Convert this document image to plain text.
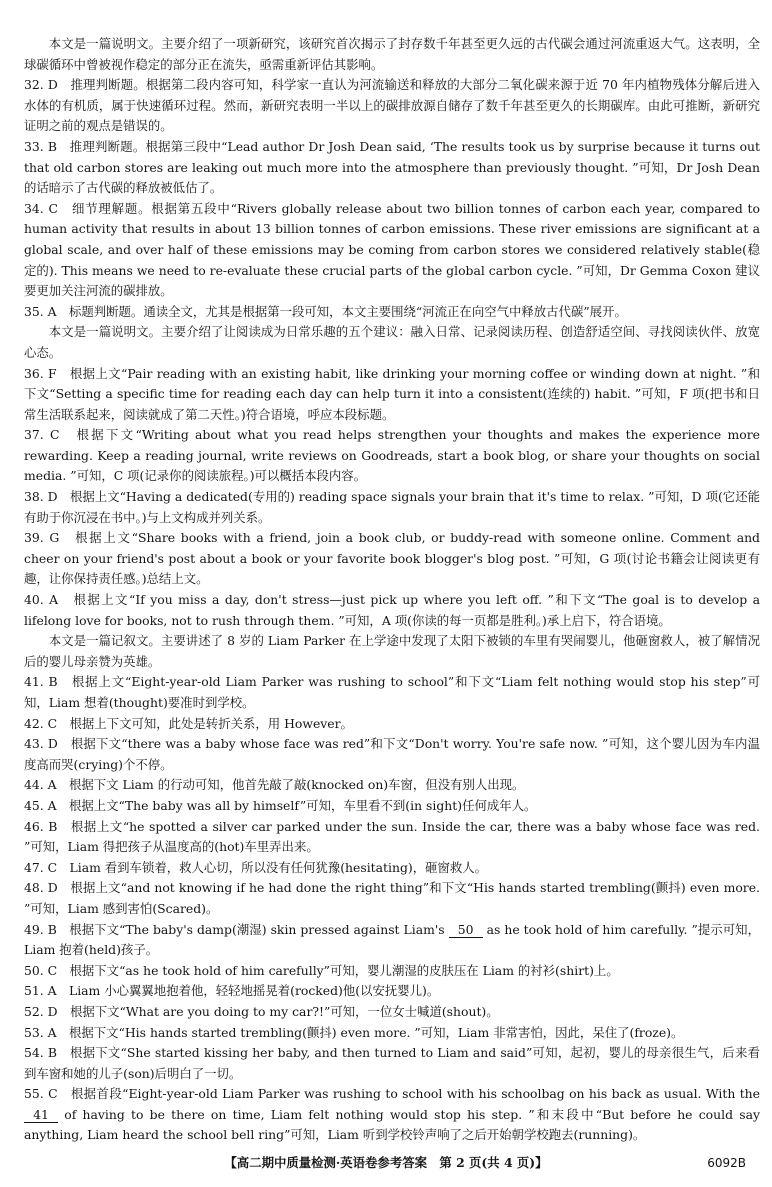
本文是一篇说明文。主要介绍了一项新研究，该研究首次揭示了封存数千年甚至更久远的古代碳会通过河流重返大气。这表明，全球碳循环中曾被视作稳定的部分正在流失，亟需重新评估其影响。

32. D　推理判断题。根据第二段内容可知，科学家一直认为河流输送和释放的大部分二氧化碳来源于近 70 年内植物残体分解后进入水体的有机质，属于快速循环过程。然而，新研究表明一半以上的碳排放源自储存了数千年甚至更久的长期碳库。由此可推断，新研究证明之前的观点是错误的。

33. B　推理判断题。根据第三段中“Lead author Dr Josh Dean said, ‘The results took us by surprise because it turns out that old carbon stores are leaking out much more into the atmosphere than previously thought. ”可知，Dr Josh Dean 的话暗示了古代碳的释放被低估了。

34. C　细节理解题。根据第五段中“Rivers globally release about two billion tonnes of carbon each year, compared to human activity that results in about 13 billion tonnes of carbon emissions. These river emissions are significant at a global scale, and over half of these emissions may be coming from carbon stores we considered relatively stable(稳定的). This means we need to re-evaluate these crucial parts of the global carbon cycle. ”可知，Dr Gemma Coxon 建议要更加关注河流的碳排放。

35. A　标题判断题。通读全文，尤其是根据第一段可知，本文主要围绕“河流正在向空气中释放古代碳”展开。

本文是一篇说明文。主要介绍了让阅读成为日常乐趣的五个建议：融入日常、记录阅读历程、创造舒适空间、寻找阅读伙伴、放宽心态。

36. F　根据上文“Pair reading with an existing habit, like drinking your morning coffee or winding down at night. ”和下文“Setting a specific time for reading each day can help turn it into a consistent(连续的) habit. ”可知，F 项(把书和日常生活联系起来，阅读就成了第二天性。)符合语境，呼应本段标题。

37. C　根据下文“Writing about what you read helps strengthen your thoughts and makes the experience more rewarding. Keep a reading journal, write reviews on Goodreads, start a book blog, or share your thoughts on social media. ”可知，C 项(记录你的阅读旅程。)可以概括本段内容。

38. D　根据上文“Having a dedicated(专用的) reading space signals your brain that it's time to relax. ”可知，D 项(它还能有助于你沉浸在书中。)与上文构成并列关系。

39. G　根据上文“Share books with a friend, join a book club, or buddy-read with someone online. Comment and cheer on your friend's post about a book or your favorite book blogger's blog post. ”可知，G 项(讨论书籍会让阅读更有趣，让你保持责任感。)总结上文。

40. A　根据上文“If you miss a day, don't stress—just pick up where you left off. ”和下文“The goal is to develop a lifelong love for books, not to rush through them. ”可知，A 项(你读的每一页都是胜利。)承上启下，符合语境。

本文是一篇记叙文。主要讲述了 8 岁的 Liam Parker 在上学途中发现了太阳下被锁的车里有哭闹婴儿，他砸窗救人，被了解情况后的婴儿母亲赞为英雄。

41. B　根据上文“Eight-year-old Liam Parker was rushing to school”和下文“Liam felt nothing would stop his step”可知，Liam 想着(thought)要准时到学校。

42. C　根据上下文可知，此处是转折关系，用 However。

43. D　根据下文“there was a baby whose face was red”和下文“Don't worry. You're safe now. ”可知，这个婴儿因为车内温度高而哭(crying)个不停。

44. A　根据下文 Liam 的行动可知，他首先敲了敲(knocked on)车窗，但没有别人出现。

45. A　根据上文“The baby was all by himself”可知，车里看不到(in sight)任何成年人。

46. B　根据上文“he spotted a silver car parked under the sun. Inside the car, there was a baby whose face was red. ”可知，Liam 得把孩子从温度高的(hot)车里弄出来。

47. C　Liam 看到车锁着，救人心切，所以没有任何犹豫(hesitating)，砸窗救人。

48. D　根据上文“and not knowing if he had done the right thing”和下文“His hands started trembling(颤抖) even more. ”可知，Liam 感到害怕(Scared)。

49. B　根据下文“The baby's damp(潮湿) skin pressed against Liam's 50 as he took hold of him carefully. ”提示可知，Liam 抱着(held)孩子。

50. C　根据下文“as he took hold of him carefully”可知，婴儿潮湿的皮肤压在 Liam 的衬衫(shirt)上。

51. A　Liam 小心翼翼地抱着他，轻轻地摇晃着(rocked)他(以安抚婴儿)。

52. D　根据下文“What are you doing to my car?!”可知，一位女士喊道(shout)。

53. A　根据下文“His hands started trembling(颤抖) even more. ”可知，Liam 非常害怕，因此，呆住了(froze)。

54. B　根据下文“She started kissing her baby, and then turned to Liam and said”可知，起初，婴儿的母亲很生气，后来看到车窗和她的儿子(son)后明白了一切。

55. C　根据首段“Eight-year-old Liam Parker was rushing to school with his schoolbag on his back as usual. With the 41 of having to be there on time, Liam felt nothing would stop his step. ”和末段中“But before he could say anything, Liam heard the school bell ring”可知，Liam 听到学校铃声响了之后开始朝学校跑去(running)。

【高二期中质量检测·英语卷参考答案　第 2 页(共 4 页)】	6092B
